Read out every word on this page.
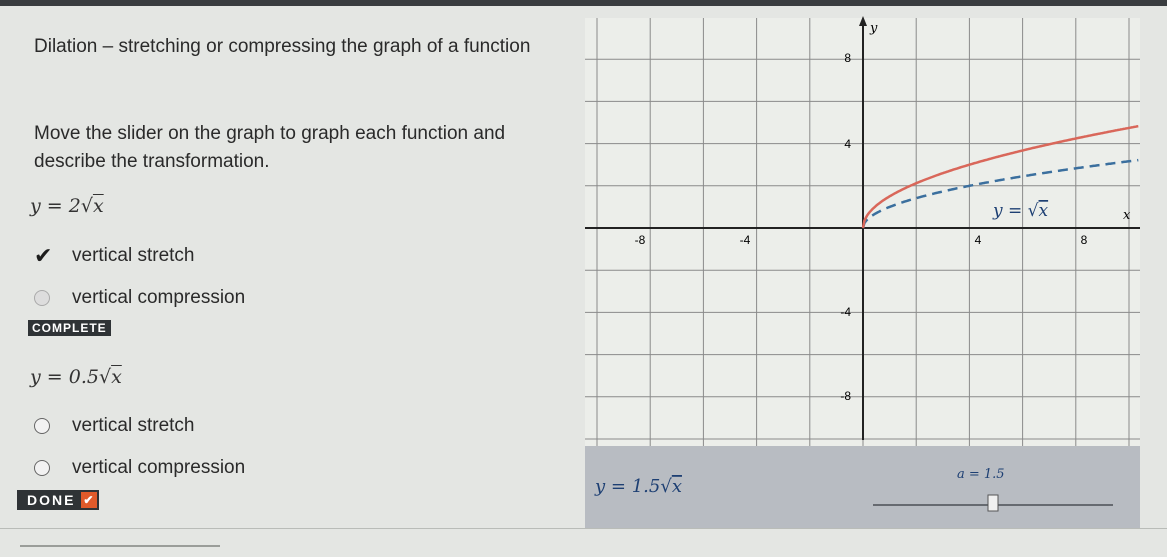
Dilation – stretching or compressing the graph of a function
Move the slider on the graph to graph each function and describe the transformation.
y = 2√x
✔ vertical stretch
vertical compression
COMPLETE
y = 0.5√x
vertical stretch
vertical compression
DONE ✔
y
x
-8	-4	4	8
8
4
-4
-8
y = √x
y = 1.5√x
a = 1.5
